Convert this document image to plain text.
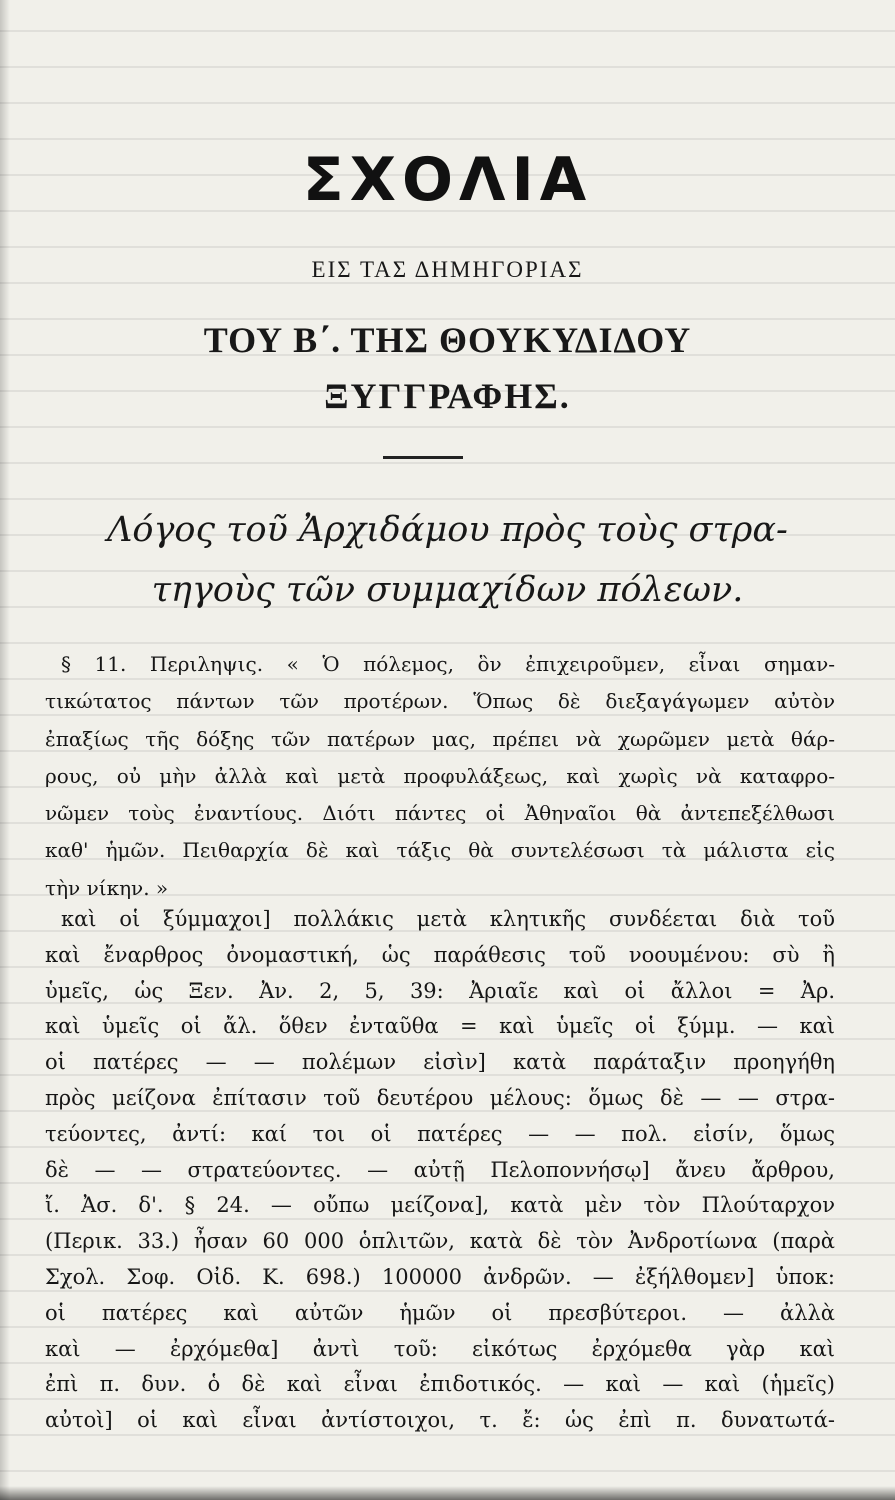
ΣΧΟΛΙΑ
ΕΙΣ ΤΑΣ ΔΗΜΗΓΟΡΙΑΣ
ΤΟΥ Β΄. ΤΗΣ ΘΟΥΚΥΔΙΔΟΥ
ΞΥΓΓΡΑΦΗΣ.
Λόγος τοῦ Ἀρχιδάμου πρὸς τοὺς στρα-
τηγοὺς τῶν συμμαχίδων πόλεων.
§ 11. Περιληψις. « Ὁ πόλεμος, ὃν ἐπιχειροῦμεν, εἶναι σημαν-
τικώτατος πάντων τῶν προτέρων. Ὅπως δὲ διεξαγάγωμεν αὐτὸν
ἐπαξίως τῆς δόξης τῶν πατέρων μας, πρέπει νὰ χωρῶμεν μετὰ θάρ-
ρους, οὐ μὴν ἀλλὰ καὶ μετὰ προφυλάξεως, καὶ χωρὶς νὰ καταφρο-
νῶμεν τοὺς ἐναντίους. Διότι πάντες οἱ Ἀθηναῖοι θὰ ἀντεπεξέλθωσι
καθ' ἡμῶν. Πειθαρχία δὲ καὶ τάξις θὰ συντελέσωσι τὰ μάλιστα εἰς
τὴν νίκην. »
καὶ οἱ ξύμμαχοι] πολλάκις μετὰ κλητικῆς συνδέεται διὰ τοῦ
καὶ ἔναρθρος ὀνομαστική, ὡς παράθεσις τοῦ νοουμένου: σὺ ἢ
ὑμεῖς, ὡς Ξεν. Ἀν. 2, 5, 39: Ἀριαῖε καὶ οἱ ἄλλοι = Ἀρ.
καὶ ὑμεῖς οἱ ἄλ. ὅθεν ἐνταῦθα = καὶ ὑμεῖς οἱ ξύμμ. — καὶ
οἱ πατέρες — — πολέμων εἰσὶν] κατὰ παράταξιν προηγήθη
πρὸς μείζονα ἐπίτασιν τοῦ δευτέρου μέλους: ὅμως δὲ — — στρα-
τεύοντες, ἀντί: καί τοι οἱ πατέρες — — πολ. εἰσίν, ὅμως
δὲ — — στρατεύοντες. — αὐτῇ Πελοποννήσῳ] ἄνευ ἄρθρου,
ἴ. Ἀσ. δ'. § 24. — οὔπω μείζονα], κατὰ μὲν τὸν Πλούταρχον
(Περικ. 33.) ἦσαν 60 000 ὁπλιτῶν, κατὰ δὲ τὸν Ἀνδροτίωνα (παρὰ
Σχολ. Σοφ. Οἰδ. Κ. 698.) 100000 ἀνδρῶν. — ἐξήλθομεν] ὑποκ:
οἱ πατέρες καὶ αὐτῶν ἡμῶν οἱ πρεσβύτεροι. — ἀλλὰ
καὶ — ἐρχόμεθα] ἀντὶ τοῦ: εἰκότως ἐρχόμεθα γὰρ καὶ
ἐπὶ π. δυν. ὁ δὲ καὶ εἶναι ἐπιδοτικός. — καὶ — καὶ (ἡμεῖς)
αὐτοὶ] οἱ καὶ εἶναι ἀντίστοιχοι, τ. ἔ: ὡς ἐπὶ π. δυνατωτά-
